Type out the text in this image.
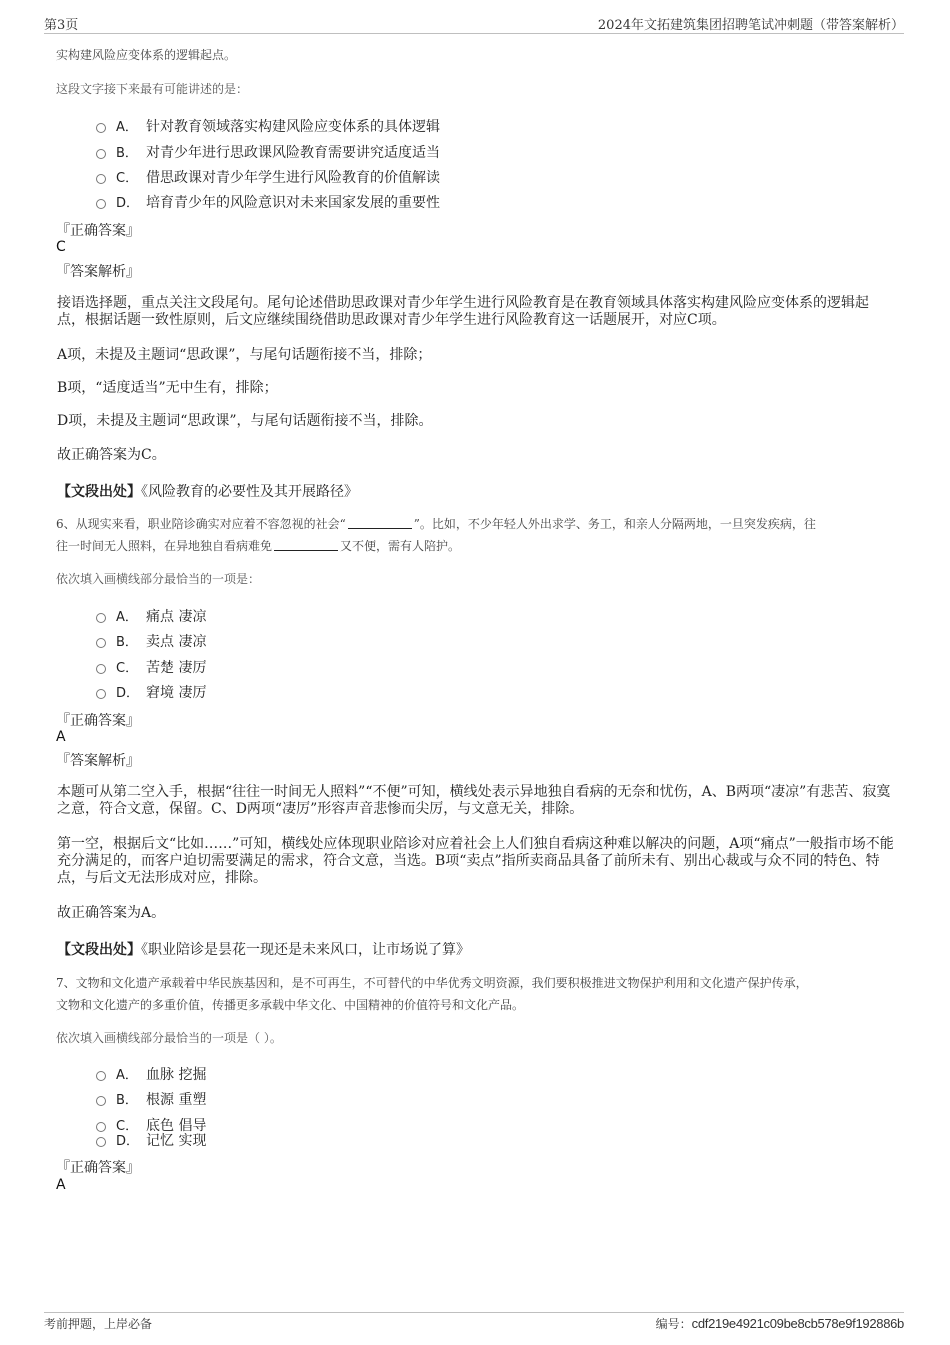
第3页	2024年文拓建筑集团招聘笔试冲刺题（带答案解析）
实构建风险应变体系的逻辑起点。
这段文字接下来最有可能讲述的是：
A． 针对教育领域落实构建风险应变体系的具体逻辑
B． 对青少年进行思政课风险教育需要讲究适度适当
C． 借思政课对青少年学生进行风险教育的价值解读
D． 培育青少年的风险意识对未来国家发展的重要性
『正确答案』
C
『答案解析』
接语选择题，重点关注文段尾句。尾句论述借助思政课对青少年学生进行风险教育是在教育领域具体落实构建风险应变体系的逻辑起点，根据话题一致性原则，后文应继续围绕借助思政课对青少年学生进行风险教育这一话题展开，对应C项。
A项，未提及主题词“思政课”，与尾句话题衔接不当，排除；
B项，“适度适当”无中生有，排除；
D项，未提及主题词“思政课”，与尾句话题衔接不当，排除。
故正确答案为C。
【文段出处】《风险教育的必要性及其开展路径》
6、从现实来看，职业陪诊确实对应着不容忽视的社会“	”。比如，不少年轻人外出求学、务工，和亲人分隔两地，一旦突发疾病，往
往一时间无人照料，在异地独自看病难免	又不便，需有人陪护。
依次填入画横线部分最恰当的一项是：
A． 痛点 凄凉
B． 卖点 凄凉
C． 苦楚 凄厉
D． 窘境 凄厉
『正确答案』
A
『答案解析』
本题可从第二空入手，根据“往往一时间无人照料”“不便”可知，横线处表示异地独自看病的无奈和忧伤，A、B两项“凄凉”有悲苦、寂寞之意，符合文意，保留。C、D两项“凄厉”形容声音悲惨而尖厉，与文意无关，排除。
第一空，根据后文“比如……”可知，横线处应体现职业陪诊对应着社会上人们独自看病这种难以解决的问题，A项“痛点”一般指市场不能充分满足的，而客户迫切需要满足的需求，符合文意，当选。B项“卖点”指所卖商品具备了前所未有、别出心裁或与众不同的特色、特点，与后文无法形成对应，排除。
故正确答案为A。
【文段出处】《职业陪诊是昙花一现还是未来风口，让市场说了算》
7、文物和文化遗产承载着中华民族基因和，是不可再生，不可替代的中华优秀文明资源，我们要积极推进文物保护利用和文化遗产保护传承，
文物和文化遗产的多重价值，传播更多承载中华文化、中国精神的价值符号和文化产品。
依次填入画横线部分最恰当的一项是（ ）。
A． 血脉 挖掘
B． 根源 重塑
C． 底色 倡导
D． 记忆 实现
『正确答案』
A
考前押题，上岸必备	编号：cdf219e4921c09be8cb578e9f192886b
